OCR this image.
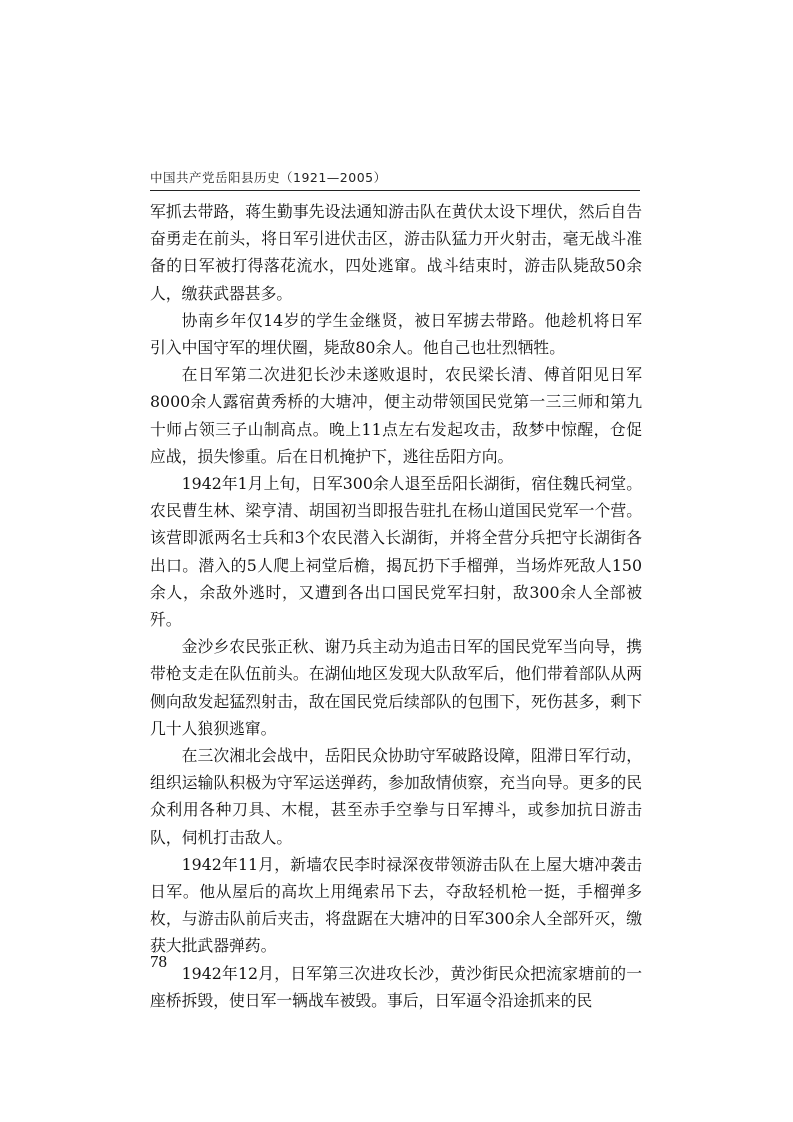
中国共产党岳阳县历史（1921—2005）

军抓去带路，蒋生勤事先设法通知游击队在黄伏太设下埋伏，然后自告奋勇走在前头，将日军引进伏击区，游击队猛力开火射击，毫无战斗准备的日军被打得落花流水，四处逃窜。战斗结束时，游击队毙敌50余人，缴获武器甚多。

协南乡年仅14岁的学生金继贤，被日军掳去带路。他趁机将日军引入中国守军的埋伏圈，毙敌80余人。他自己也壮烈牺牲。

在日军第二次进犯长沙未遂败退时，农民梁长清、傅首阳见日军8000余人露宿黄秀桥的大塘冲，便主动带领国民党第一三三师和第九十师占领三子山制高点。晚上11点左右发起攻击，敌梦中惊醒，仓促应战，损失惨重。后在日机掩护下，逃往岳阳方向。

1942年1月上旬，日军300余人退至岳阳长湖街，宿住魏氏祠堂。农民曹生林、梁亨清、胡国初当即报告驻扎在杨山道国民党军一个营。该营即派两名士兵和3个农民潜入长湖街，并将全营分兵把守长湖街各出口。潜入的5人爬上祠堂后檐，揭瓦扔下手榴弹，当场炸死敌人150余人，余敌外逃时，又遭到各出口国民党军扫射，敌300余人全部被歼。

金沙乡农民张正秋、谢乃兵主动为追击日军的国民党军当向导，携带枪支走在队伍前头。在湖仙地区发现大队敌军后，他们带着部队从两侧向敌发起猛烈射击，敌在国民党后续部队的包围下，死伤甚多，剩下几十人狼狈逃窜。

在三次湘北会战中，岳阳民众协助守军破路设障，阻滞日军行动，组织运输队积极为守军运送弹药，参加敌情侦察，充当向导。更多的民众利用各种刀具、木棍，甚至赤手空拳与日军搏斗，或参加抗日游击队，伺机打击敌人。

1942年11月，新墙农民李时禄深夜带领游击队在上屋大塘冲袭击日军。他从屋后的高坎上用绳索吊下去，夺敌轻机枪一挺，手榴弹多枚，与游击队前后夹击，将盘踞在大塘冲的日军300余人全部歼灭，缴获大批武器弹药。

1942年12月，日军第三次进攻长沙，黄沙街民众把流家塘前的一座桥拆毁，使日军一辆战车被毁。事后，日军逼令沿途抓来的民

78
